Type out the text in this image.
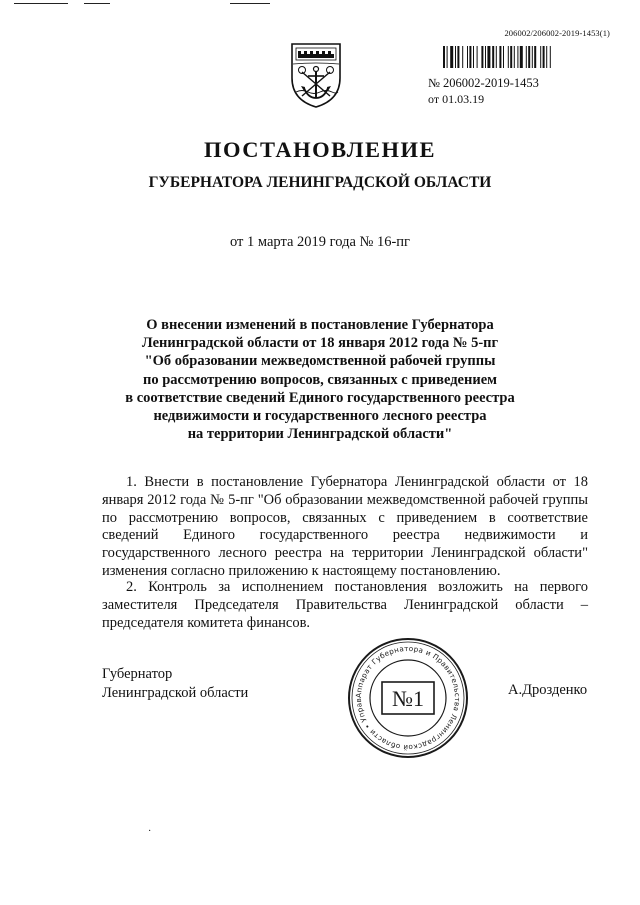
206002/206002-2019-1453(1)
№ 206002-2019-1453
от 01.03.19
ПОСТАНОВЛЕНИЕ
ГУБЕРНАТОРА ЛЕНИНГРАДСКОЙ ОБЛАСТИ
от 1 марта 2019 года № 16-пг
О внесении изменений в постановление Губернатора
Ленинградской области от 18 января 2012 года № 5-пг
"Об образовании межведомственной рабочей группы
по рассмотрению вопросов, связанных с приведением
в соответствие сведений Единого государственного реестра
недвижимости и государственного лесного реестра
на территории Ленинградской области"
1. Внести в постановление Губернатора Ленинградской области от 18 января 2012 года № 5-пг "Об образовании межведомственной рабочей группы по рассмотрению вопросов, связанных с приведением в соответствие сведений Единого государственного реестра недвижимости и государственного лесного реестра на территории Ленинградской области" изменения согласно приложению к настоящему постановлению.
2. Контроль за исполнением постановления возложить на первого заместителя Председателя Правительства Ленинградской области – председателя комитета финансов.
Губернатор
Ленинградской области	Аппарат Губернатора и Правительства Ленинградской области • Управ	№1	А.Дрозденко
·
